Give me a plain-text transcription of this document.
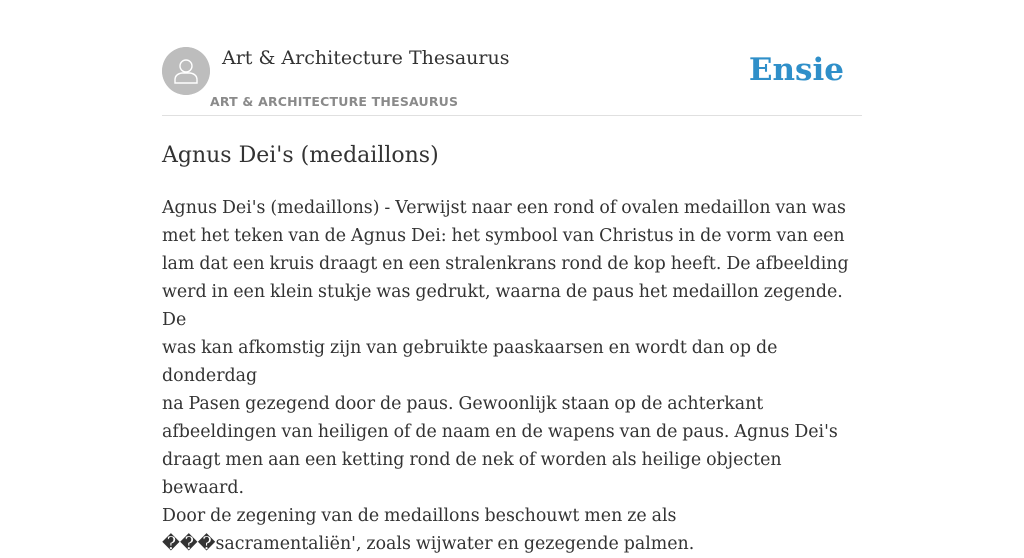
Art & Architecture Thesaurus
ART & ARCHITECTURE THESAURUS
Ensie
Agnus Dei's (medaillons)

Agnus Dei's (medaillons) - Verwijst naar een rond of ovalen medaillon van was
met het teken van de Agnus Dei: het symbool van Christus in de vorm van een
lam dat een kruis draagt en een stralenkrans rond de kop heeft. De afbeelding
werd in een klein stukje was gedrukt, waarna de paus het medaillon zegende. De
was kan afkomstig zijn van gebruikte paaskaarsen en wordt dan op de donderdag
na Pasen gezegend door de paus. Gewoonlijk staan op de achterkant
afbeeldingen van heiligen of de naam en de wapens van de paus. Agnus Dei's
draagt men aan een ketting rond de nek of worden als heilige objecten bewaard.
Door de zegening van de medaillons beschouwt men ze als
���sacramentaliën', zoals wijwater en gezegende palmen.
